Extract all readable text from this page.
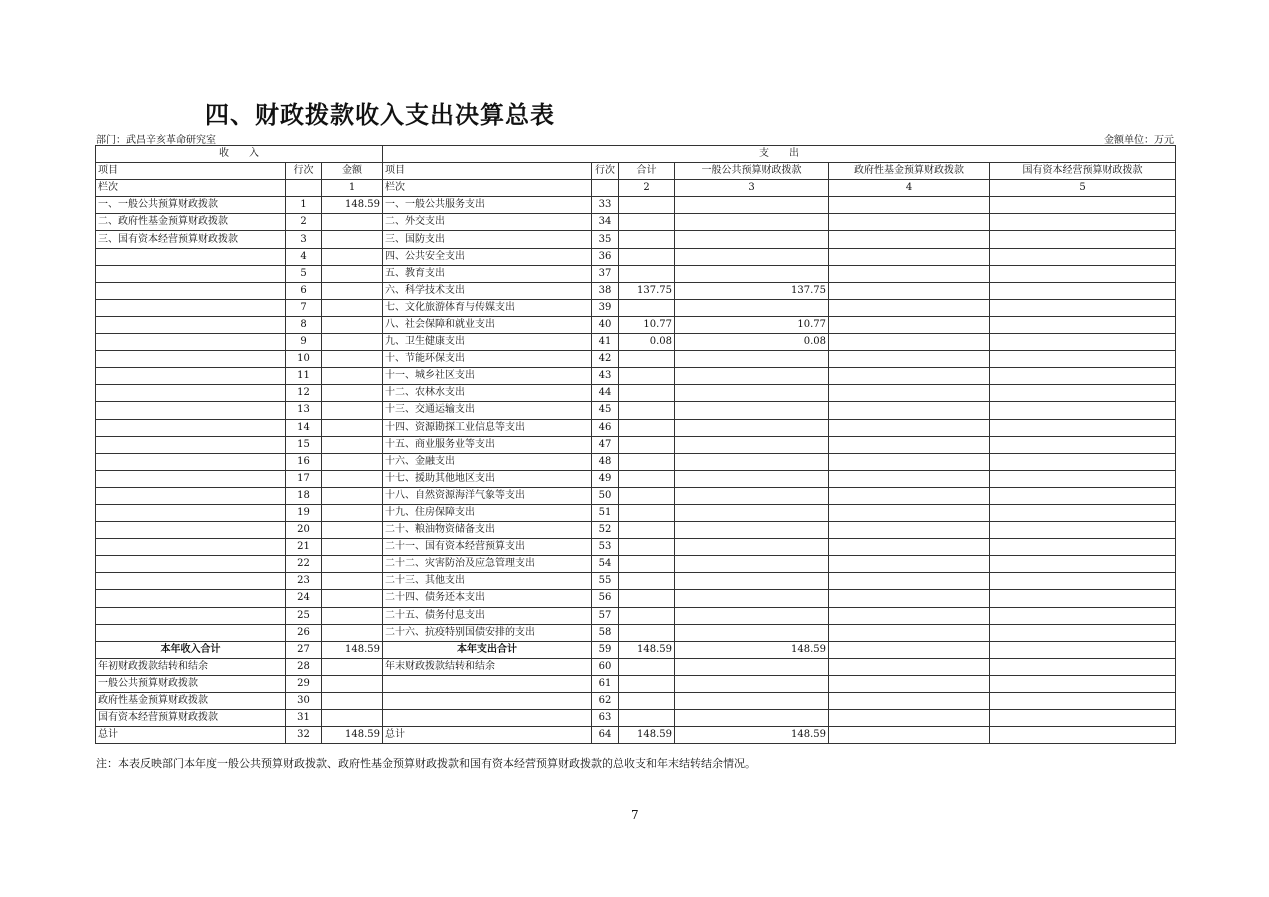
四、财政拨款收入支出决算总表
部门：武昌辛亥革命研究室	金额单位：万元
收　　入			支　　出					
项目	行次	金额	项目	行次	合计	一般公共预算财政拨款	政府性基金预算财政拨款	国有资本经营预算财政拨款
栏次		1	栏次		2	3	4	5
一、一般公共预算财政拨款	1	148.59	一、一般公共服务支出	33				
二、政府性基金预算财政拨款	2		二、外交支出	34				
三、国有资本经营预算财政拨款	3		三、国防支出	35				
	4		四、公共安全支出	36				
	5		五、教育支出	37				
	6		六、科学技术支出	38	137.75	137.75		
	7		七、文化旅游体育与传媒支出	39				
	8		八、社会保障和就业支出	40	10.77	10.77		
	9		九、卫生健康支出	41	0.08	0.08		
	10		十、节能环保支出	42				
	11		十一、城乡社区支出	43				
	12		十二、农林水支出	44				
	13		十三、交通运输支出	45				
	14		十四、资源勘探工业信息等支出	46				
	15		十五、商业服务业等支出	47				
	16		十六、金融支出	48				
	17		十七、援助其他地区支出	49				
	18		十八、自然资源海洋气象等支出	50				
	19		十九、住房保障支出	51				
	20		二十、粮油物资储备支出	52				
	21		二十一、国有资本经营预算支出	53				
	22		二十二、灾害防治及应急管理支出	54				
	23		二十三、其他支出	55				
	24		二十四、债务还本支出	56				
	25		二十五、债务付息支出	57				
	26		二十六、抗疫特别国债安排的支出	58				
本年收入合计	27	148.59	本年支出合计	59	148.59	148.59		
年初财政拨款结转和结余	28		年末财政拨款结转和结余	60				
一般公共预算财政拨款	29			61				
政府性基金预算财政拨款	30			62				
国有资本经营预算财政拨款	31			63				
总计	32	148.59	总计	64	148.59	148.59		
注：本表反映部门本年度一般公共预算财政拨款、政府性基金预算财政拨款和国有资本经营预算财政拨款的总收支和年末结转结余情况。
7
